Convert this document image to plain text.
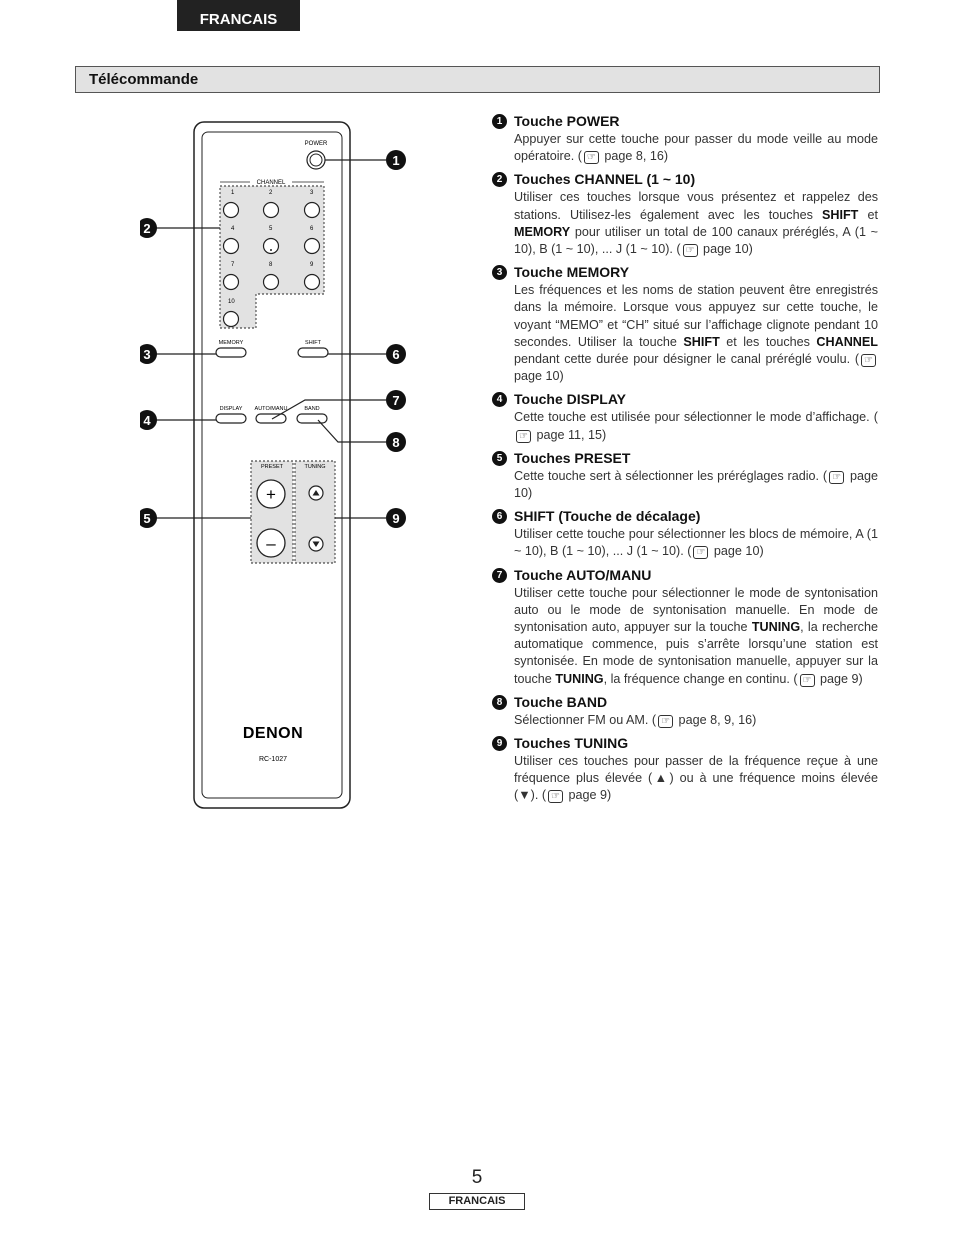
FRANCAIS
Télécommande
POWER
CHANNEL
1	2	3
4	5	6
7	8	9
10
MEMORY	SHIFT
DISPLAY AUTO/MANU	BAND
PRESET	TUNING
+
–
DENON
RC-1027
1
2
3
4
5
6
7
8
9
1 Touche POWER
Appuyer sur cette touche pour passer du mode veille au mode opératoire. ( ☞ page 8, 16)
2 Touches CHANNEL (1 ~ 10)
Utiliser ces touches lorsque vous présentez et rappelez des stations. Utilisez-les également avec les touches SHIFT et MEMORY pour utiliser un total de 100 canaux préréglés, A (1 ~ 10), B (1 ~ 10), ... J (1 ~ 10). ( ☞ page 10)
3 Touche MEMORY
Les fréquences et les noms de station peuvent être enregistrés dans la mémoire. Lorsque vous appuyez sur cette touche, le voyant “MEMO” et “CH” situé sur l’affichage clignote pendant 10 secondes. Utiliser la touche SHIFT et les touches CHANNEL pendant cette durée pour désigner le canal préréglé voulu. ( ☞ page 10)
4 Touche DISPLAY
Cette touche est utilisée pour sélectionner le mode d’affichage. (☞ page 11, 15)
5 Touches PRESET
Cette touche sert à sélectionner les préréglages radio. ( ☞ page 10)
6 SHIFT (Touche de décalage)
Utiliser cette touche pour sélectionner les blocs de mémoire, A (1 ~ 10), B (1 ~ 10), ... J (1 ~ 10). ( ☞ page 10)
7 Touche AUTO/MANU
Utiliser cette touche pour sélectionner le mode de syntonisation auto ou le mode de syntonisation manuelle. En mode de syntonisation auto, appuyer sur la touche TUNING, la recherche automatique commence, puis s’arrête lorsqu’une station est syntonisée. En mode de syntonisation manuelle, appuyer sur la touche TUNING, la fréquence change en continu. ( ☞ page 9)
8 Touche BAND
Sélectionner FM ou AM. ( ☞ page 8, 9, 16)
9 Touches TUNING
Utiliser ces touches pour passer de la fréquence reçue à une fréquence plus élevée (▲) ou à une fréquence moins élevée (▼). ( ☞ page 9)
5
FRANCAIS
